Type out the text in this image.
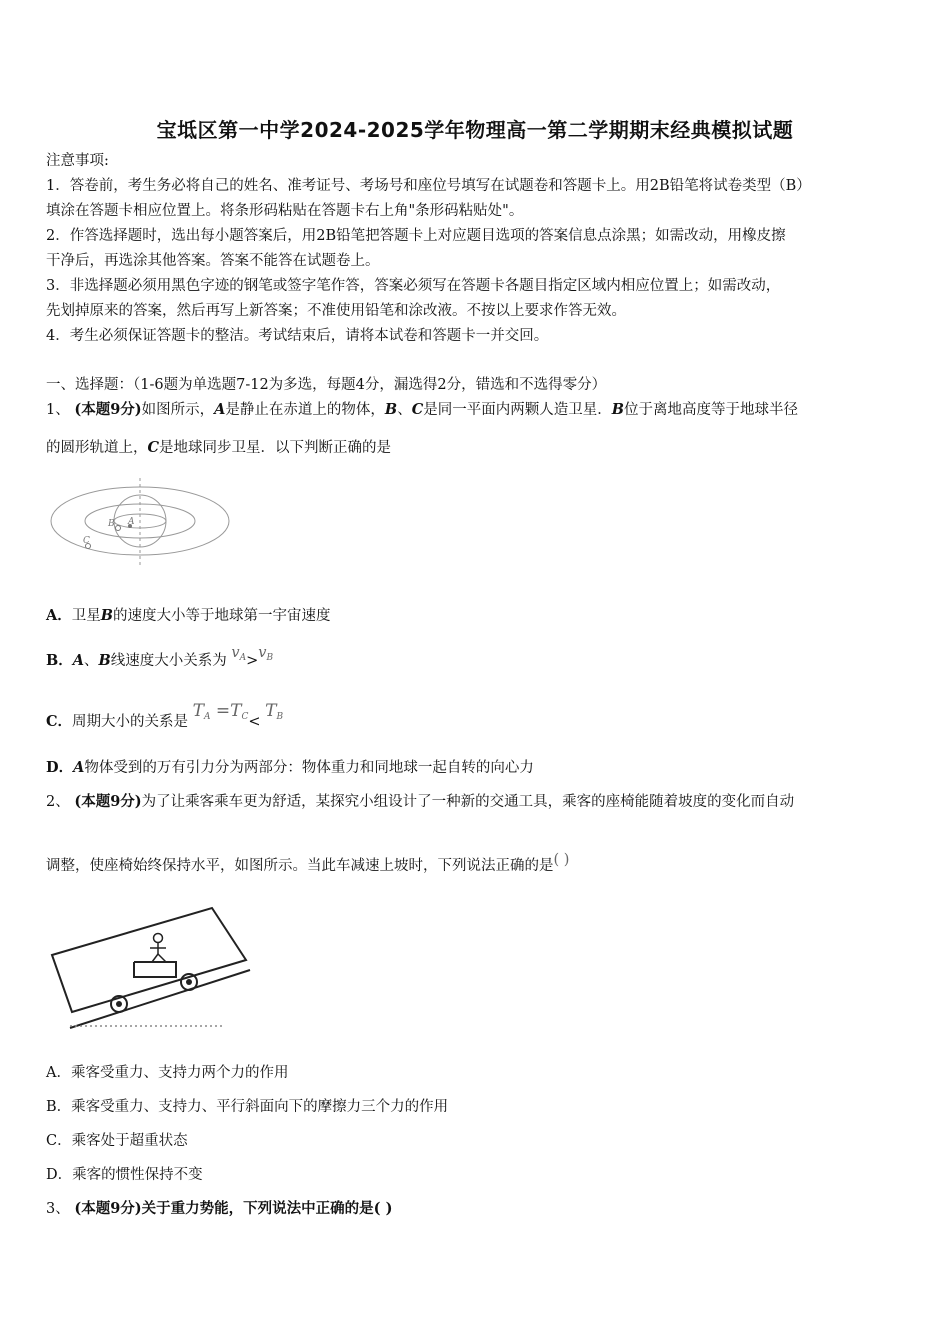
宝坻区第一中学2024-2025学年物理高一第二学期期末经典模拟试题
注意事项:
1．答卷前，考生务必将自己的姓名、准考证号、考场号和座位号填写在试题卷和答题卡上。用2B铅笔将试卷类型（B）
填涂在答题卡相应位置上。将条形码粘贴在答题卡右上角"条形码粘贴处"。
2．作答选择题时，选出每小题答案后，用2B铅笔把答题卡上对应题目选项的答案信息点涂黑；如需改动，用橡皮擦
干净后，再选涂其他答案。答案不能答在试题卷上。
3．非选择题必须用黑色字迹的钢笔或签字笔作答，答案必须写在答题卡各题目指定区域内相应位置上；如需改动，
先划掉原来的答案，然后再写上新答案；不准使用铅笔和涂改液。不按以上要求作答无效。
4．考生必须保证答题卡的整洁。考试结束后，请将本试卷和答题卡一并交回。
一、选择题：（1-6题为单选题7-12为多选，每题4分，漏选得2分，错选和不选得零分）
1、 (本题9分)如图所示，A是静止在赤道上的物体，B、C是同一平面内两颗人造卫星．B位于离地高度等于地球半径
的圆形轨道上，C是地球同步卫星．以下判断正确的是
A
B
C
A．卫星B的速度大小等于地球第一宇宙速度
B．A、B线速度大小关系为 $v_A>v_B$
C．周期大小的关系是 $T_A =T_C< T_B$
D．A物体受到的万有引力分为两部分：物体重力和同地球一起自转的向心力
2、 (本题9分)为了让乘客乘车更为舒适，某探究小组设计了一种新的交通工具，乘客的座椅能随着坡度的变化而自动
调整，使座椅始终保持水平，如图所示。当此车减速上坡时，下列说法正确的是( )
A．乘客受重力、支持力两个力的作用
B．乘客受重力、支持力、平行斜面向下的摩擦力三个力的作用
C．乘客处于超重状态
D．乘客的惯性保持不变
3、 (本题9分)关于重力势能，下列说法中正确的是( )
